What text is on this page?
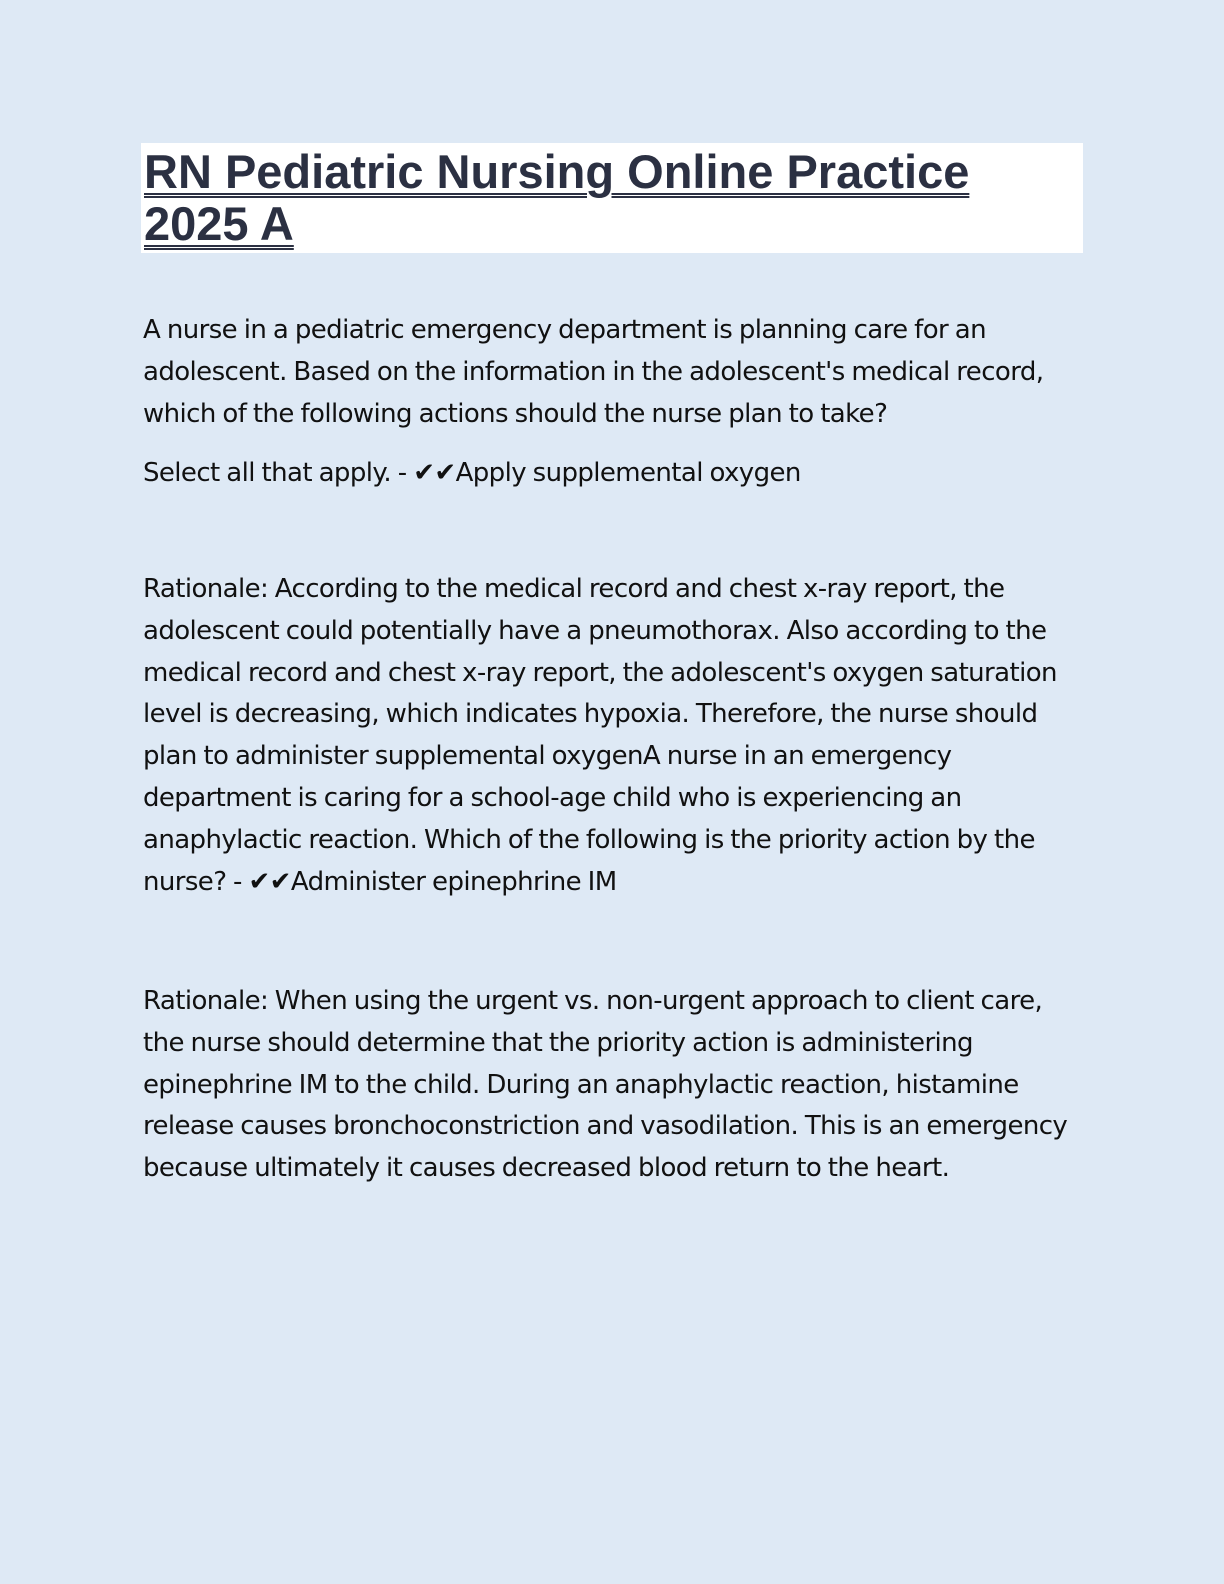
RN Pediatric Nursing Online Practice 2025 A

A nurse in a pediatric emergency department is planning care for an adolescent. Based on the information in the adolescent's medical record, which of the following actions should the nurse plan to take?

Select all that apply. - ✔✔Apply supplemental oxygen

Rationale: According to the medical record and chest x-ray report, the adolescent could potentially have a pneumothorax. Also according to the medical record and chest x-ray report, the adolescent's oxygen saturation level is decreasing, which indicates hypoxia. Therefore, the nurse should plan to administer supplemental oxygenA nurse in an emergency department is caring for a school-age child who is experiencing an anaphylactic reaction. Which of the following is the priority action by the nurse? - ✔✔Administer epinephrine IM

Rationale: When using the urgent vs. non-urgent approach to client care, the nurse should determine that the priority action is administering epinephrine IM to the child. During an anaphylactic reaction, histamine release causes bronchoconstriction and vasodilation. This is an emergency because ultimately it causes decreased blood return to the heart.
